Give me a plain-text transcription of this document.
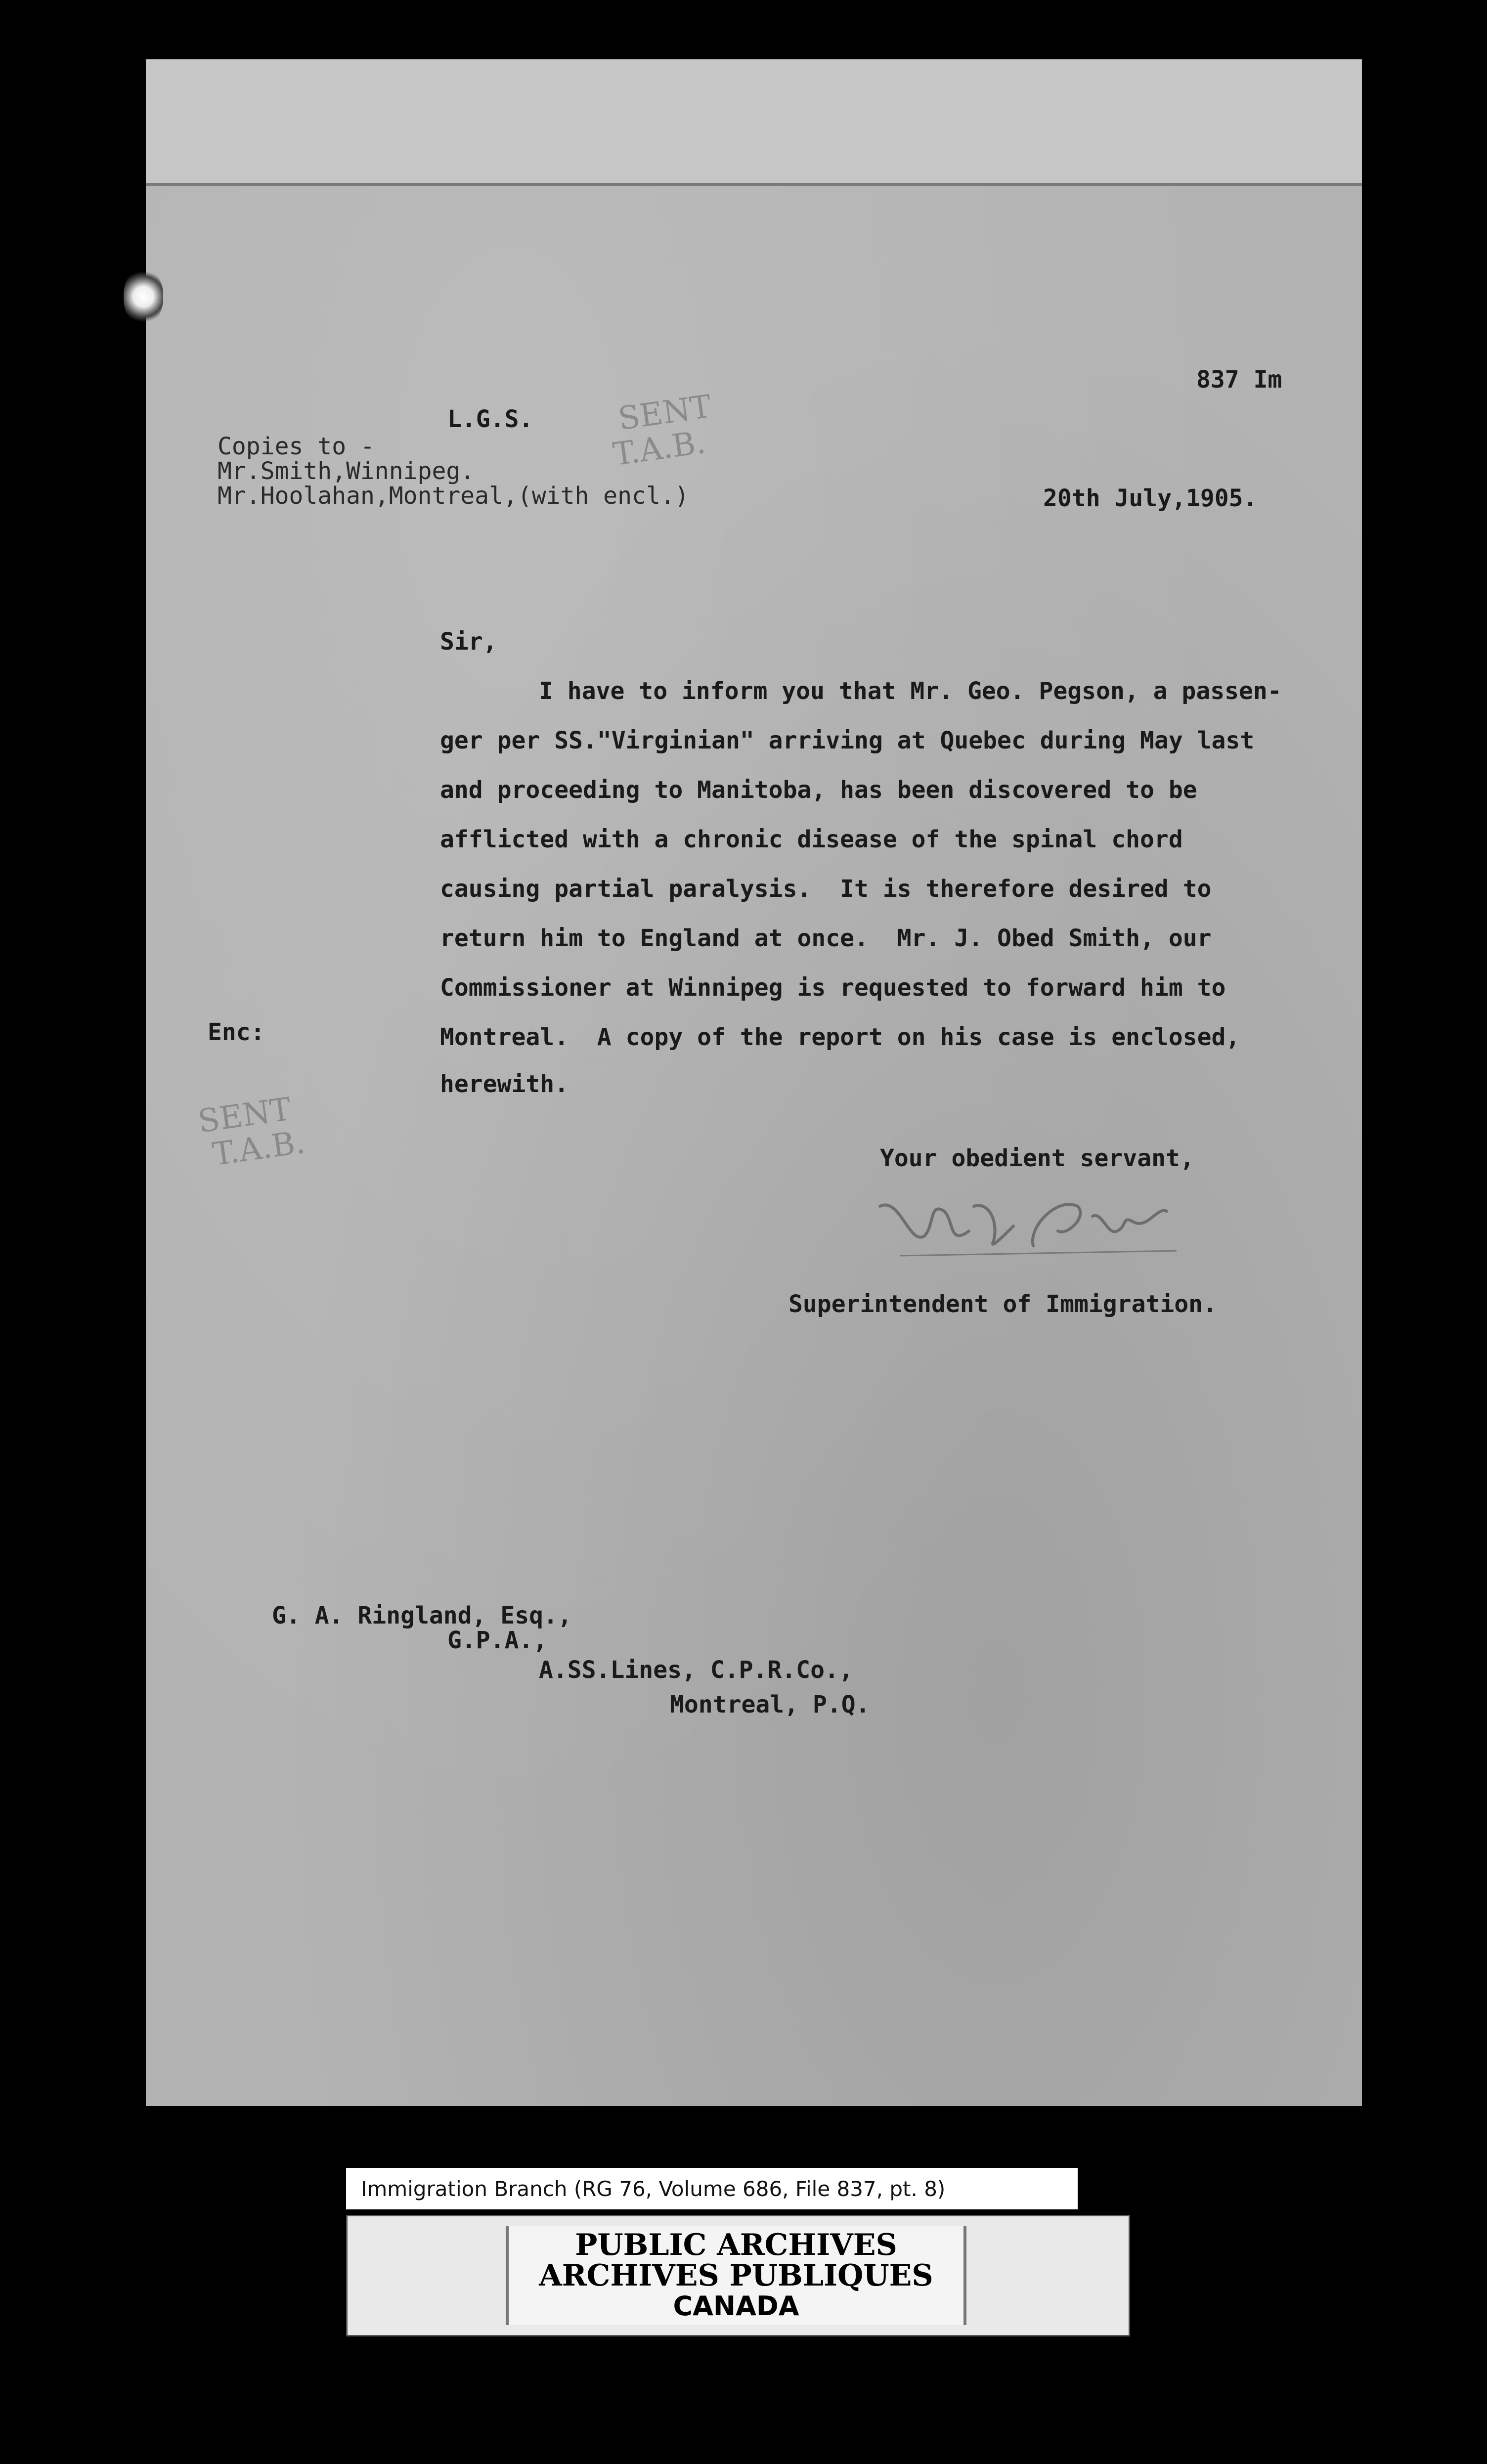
837 Im
L.G.S.	SENT
T.A.B.
Copies to -
Mr.Smith,Winnipeg.
Mr.Hoolahan,Montreal,(with encl.)	20th July,1905.
Sir,
I have to inform you that Mr. Geo. Pegson, a passen-
ger per SS."Virginian" arriving at Quebec during May last
and proceeding to Manitoba, has been discovered to be
afflicted with a chronic disease of the spinal chord
causing partial paralysis.  It is therefore desired to
return him to England at once.  Mr. J. Obed Smith, our
Commissioner at Winnipeg is requested to forward him to
Montreal.  A copy of the report on his case is enclosed,
herewith.
Enc:
SENT
T.A.B.	Your obedient servant,
Superintendent of Immigration.
G. A. Ringland, Esq.,
G.P.A.,
A.SS.Lines, C.P.R.Co.,
Montreal, P.Q.
Immigration Branch (RG 76, Volume 686, File 837, pt. 8)
PUBLIC ARCHIVES
ARCHIVES PUBLIQUES
CANADA
